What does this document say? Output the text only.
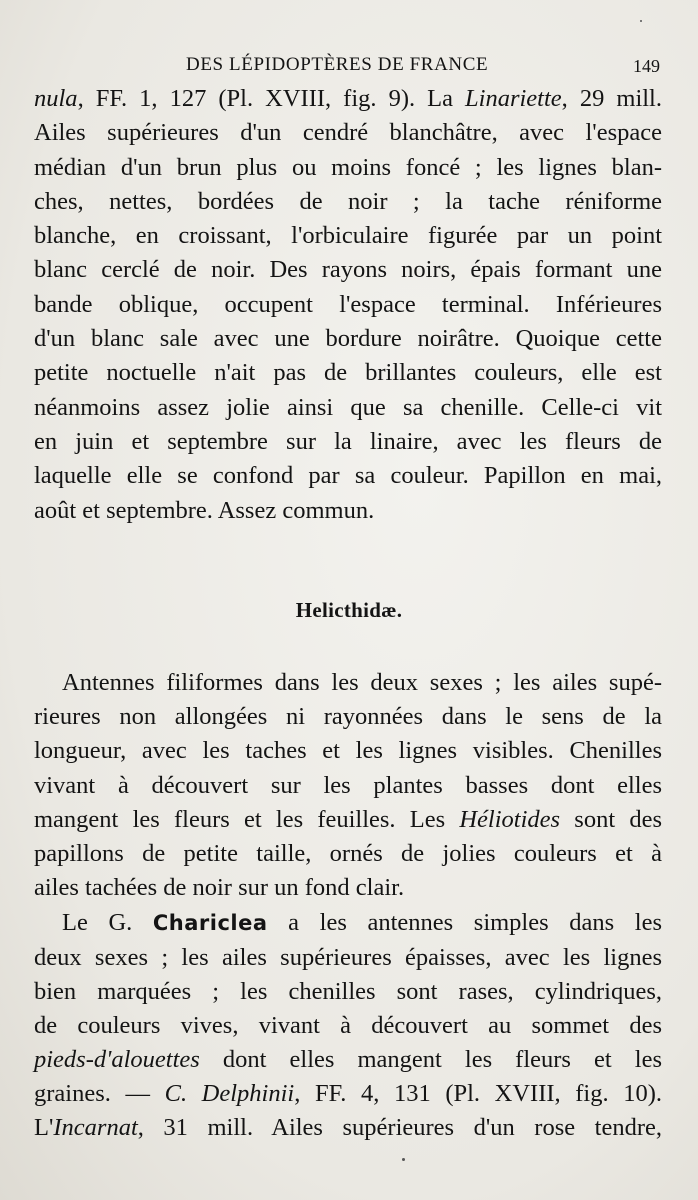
DES LÉPIDOPTÈRES DE FRANCE	149
nula, FF. 1, 127 (Pl. XVIII, fig. 9). La Linariette, 29 mill.
Ailes supérieures d'un cendré blanchâtre, avec l'espace
médian d'un brun plus ou moins foncé ; les lignes blan-
ches, nettes, bordées de noir ; la tache réniforme
blanche, en croissant, l'orbiculaire figurée par un point
blanc cerclé de noir. Des rayons noirs, épais formant une
bande oblique, occupent l'espace terminal. Inférieures
d'un blanc sale avec une bordure noirâtre. Quoique cette
petite noctuelle n'ait pas de brillantes couleurs, elle est
néanmoins assez jolie ainsi que sa chenille. Celle-ci vit
en juin et septembre sur la linaire, avec les fleurs de
laquelle elle se confond par sa couleur. Papillon en mai,
août et septembre. Assez commun.
Helicthidæ.
Antennes filiformes dans les deux sexes ; les ailes supé-
rieures non allongées ni rayonnées dans le sens de la
longueur, avec les taches et les lignes visibles. Chenilles
vivant à découvert sur les plantes basses dont elles
mangent les fleurs et les feuilles. Les Héliotides sont des
papillons de petite taille, ornés de jolies couleurs et à
ailes tachées de noir sur un fond clair.
Le G. Chariclea a les antennes simples dans les
deux sexes ; les ailes supérieures épaisses, avec les lignes
bien marquées ; les chenilles sont rases, cylindriques,
de couleurs vives, vivant à découvert au sommet des
pieds-d'alouettes dont elles mangent les fleurs et les
graines. — C. Delphinii, FF. 4, 131 (Pl. XVIII, fig. 10).
L'Incarnat, 31 mill. Ailes supérieures d'un rose tendre,
